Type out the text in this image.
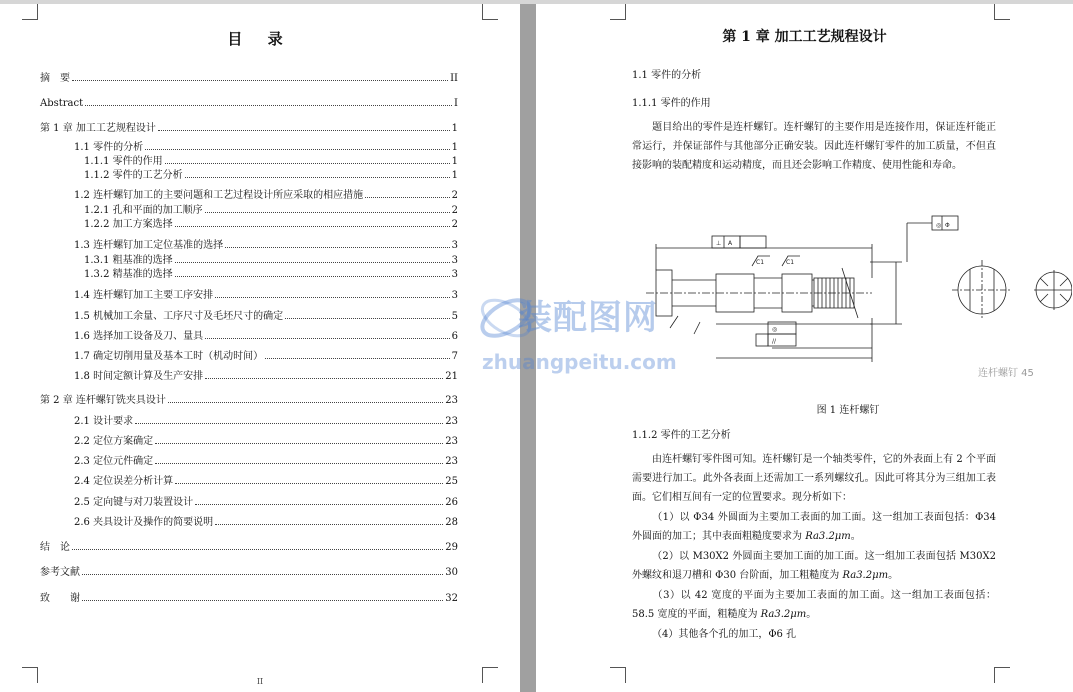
目 录
摘　要	II
Abstract	I
第 1 章 加工工艺规程设计	1
1.1 零件的分析	1
1.1.1 零件的作用	1
1.1.2 零件的工艺分析	1
1.2 连杆螺钉加工的主要问题和工艺过程设计所应采取的相应措施	2
1.2.1 孔和平面的加工顺序	2
1.2.2 加工方案选择	2
1.3 连杆螺钉加工定位基准的选择	3
1.3.1 粗基准的选择	3
1.3.2 精基准的选择	3
1.4 连杆螺钉加工主要工序安排	3
1.5 机械加工余量、工序尺寸及毛坯尺寸的确定	5
1.6 选择加工设备及刀、量具	6
1.7 确定切削用量及基本工时（机动时间）	7
1.8 时间定额计算及生产安排	21
第 2 章 连杆螺钉铣夹具设计	23
2.1 设计要求	23
2.2 定位方案确定	23
2.3 定位元件确定	23
2.4 定位误差分析计算	25
2.5 定向键与对刀装置设计	26
2.6 夹具设计及操作的简要说明	28
结　论	29
参考文献	30
致　　谢	32
II
第 1 章 加工工艺规程设计
1.1 零件的分析
1.1.1 零件的作用
题目给出的零件是连杆螺钉。连杆螺钉的主要作用是连接作用，保证连杆能正常运行，并保证部件与其他部分正确安装。因此连杆螺钉零件的加工质量，不但直接影响的装配精度和运动精度，而且还会影响工作精度、使用性能和寿命。
⊥ A
◎ Φ
C1	C1
◎
//
连杆螺钉 45
图 1 连杆螺钉
1.1.2 零件的工艺分析
由连杆螺钉零件图可知。连杆螺钉是一个轴类零件，它的外表面上有 2 个平面需要进行加工。此外各表面上还需加工一系列螺纹孔。因此可将其分为三组加工表面。它们相互间有一定的位置要求。现分析如下：
（1）以 Φ34 外圆面为主要加工表面的加工面。这一组加工表面包括：Φ34 外圆面的加工；其中表面粗糙度要求为 Ra3.2μm。
（2）以 M30X2 外圆面主要加工面的加工面。这一组加工表面包括 M30X2 外螺纹和退刀槽和 Φ30 台阶面，加工粗糙度为 Ra3.2μm。
（3）以 42 宽度的平面为主要加工表面的加工面。这一组加工表面包括：58.5 宽度的平面，粗糙度为 Ra3.2μm。
（4）其他各个孔的加工，Φ6 孔
装配图网
zhuangpeitu.com
